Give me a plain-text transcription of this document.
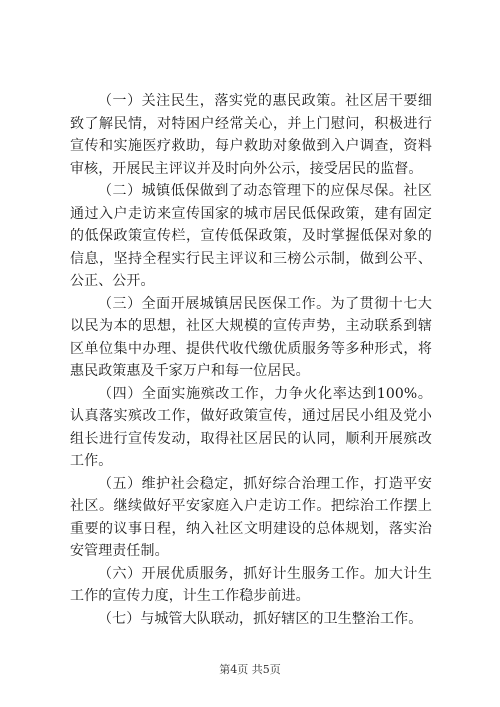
（一）关注民生，落实党的惠民政策。社区居干要细致了解民情，对特困户经常关心，并上门慰问，积极进行宣传和实施医疗救助，每户救助对象做到入户调查，资料审核，开展民主评议并及时向外公示，接受居民的监督。

（二）城镇低保做到了动态管理下的应保尽保。社区通过入户走访来宣传国家的城市居民低保政策，建有固定的低保政策宣传栏，宣传低保政策，及时掌握低保对象的信息，坚持全程实行民主评议和三榜公示制，做到公平、公正、公开。

（三）全面开展城镇居民医保工作。为了贯彻十七大以民为本的思想，社区大规模的宣传声势，主动联系到辖区单位集中办理、提供代收代缴优质服务等多种形式，将惠民政策惠及千家万户和每一位居民。

（四）全面实施殡改工作，力争火化率达到100%。认真落实殡改工作，做好政策宣传，通过居民小组及党小组长进行宣传发动，取得社区居民的认同，顺利开展殡改工作。

（五）维护社会稳定，抓好综合治理工作，打造平安社区。继续做好平安家庭入户走访工作。把综治工作摆上重要的议事日程，纳入社区文明建设的总体规划，落实治安管理责任制。

（六）开展优质服务，抓好计生服务工作。加大计生工作的宣传力度，计生工作稳步前进。

（七）与城管大队联动，抓好辖区的卫生整治工作。

第4页 共5页
